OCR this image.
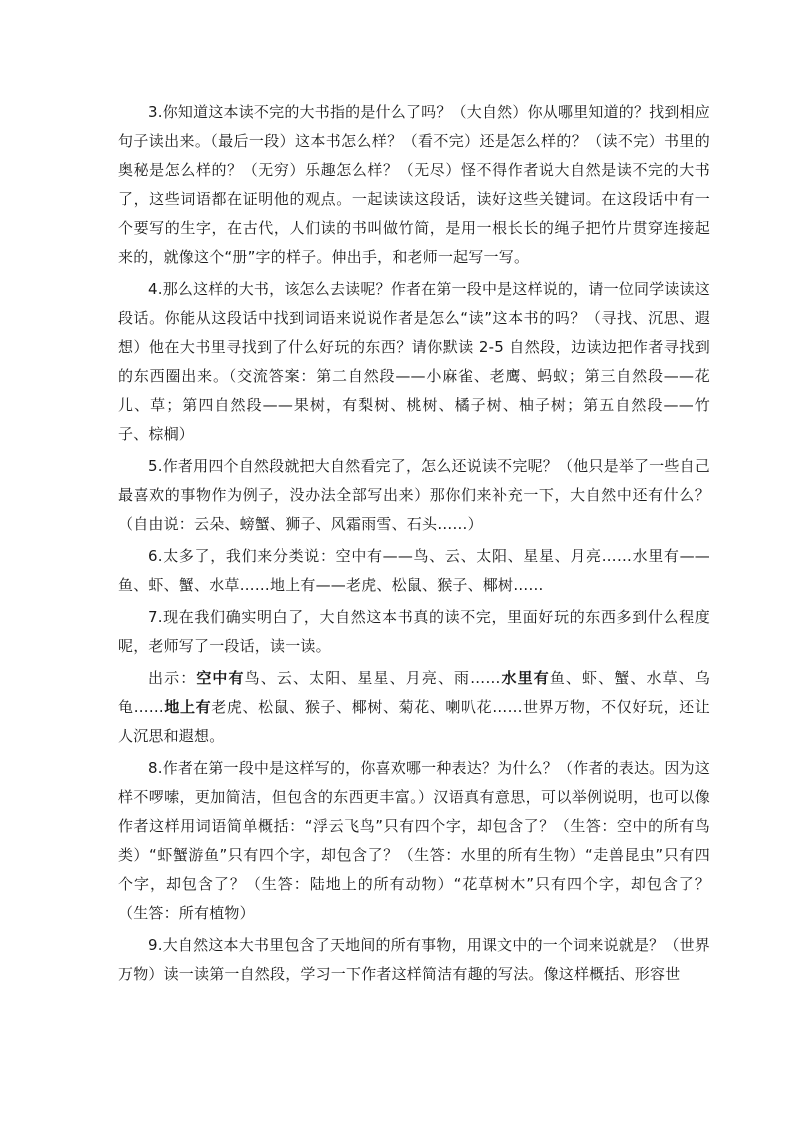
3.你知道这本读不完的大书指的是什么了吗？（大自然）你从哪里知道的？找到相应句子读出来。（最后一段）这本书怎么样？（看不完）还是怎么样的？（读不完）书里的奥秘是怎么样的？（无穷）乐趣怎么样？（无尽）怪不得作者说大自然是读不完的大书了，这些词语都在证明他的观点。一起读读这段话，读好这些关键词。在这段话中有一个要写的生字，在古代，人们读的书叫做竹简，是用一根长长的绳子把竹片贯穿连接起来的，就像这个“册”字的样子。伸出手，和老师一起写一写。

4.那么这样的大书，该怎么去读呢？作者在第一段中是这样说的，请一位同学读读这段话。你能从这段话中找到词语来说说作者是怎么“读”这本书的吗？（寻找、沉思、遐想）他在大书里寻找到了什么好玩的东西？请你默读 2-5 自然段，边读边把作者寻找到的东西圈出来。（交流答案：第二自然段——小麻雀、老鹰、蚂蚁；第三自然段——花儿、草；第四自然段——果树，有梨树、桃树、橘子树、柚子树；第五自然段——竹子、棕榈）

5.作者用四个自然段就把大自然看完了，怎么还说读不完呢？（他只是举了一些自己最喜欢的事物作为例子，没办法全部写出来）那你们来补充一下，大自然中还有什么？（自由说：云朵、螃蟹、狮子、风霜雨雪、石头……）

6.太多了，我们来分类说：空中有——鸟、云、太阳、星星、月亮……水里有——鱼、虾、蟹、水草……地上有——老虎、松鼠、猴子、椰树……

7.现在我们确实明白了，大自然这本书真的读不完，里面好玩的东西多到什么程度呢，老师写了一段话，读一读。

出示：空中有鸟、云、太阳、星星、月亮、雨……水里有鱼、虾、蟹、水草、乌龟……地上有老虎、松鼠、猴子、椰树、菊花、喇叭花……世界万物，不仅好玩，还让人沉思和遐想。

8.作者在第一段中是这样写的，你喜欢哪一种表达？为什么？（作者的表达。因为这样不啰嗦，更加简洁，但包含的东西更丰富。）汉语真有意思，可以举例说明，也可以像作者这样用词语简单概括：“浮云飞鸟”只有四个字，却包含了？（生答：空中的所有鸟类）“虾蟹游鱼”只有四个字，却包含了？（生答：水里的所有生物）“走兽昆虫”只有四个字，却包含了？（生答：陆地上的所有动物）“花草树木”只有四个字，却包含了？（生答：所有植物）

9.大自然这本大书里包含了天地间的所有事物，用课文中的一个词来说就是？（世界万物）读一读第一自然段，学习一下作者这样简洁有趣的写法。像这样概括、形容世
